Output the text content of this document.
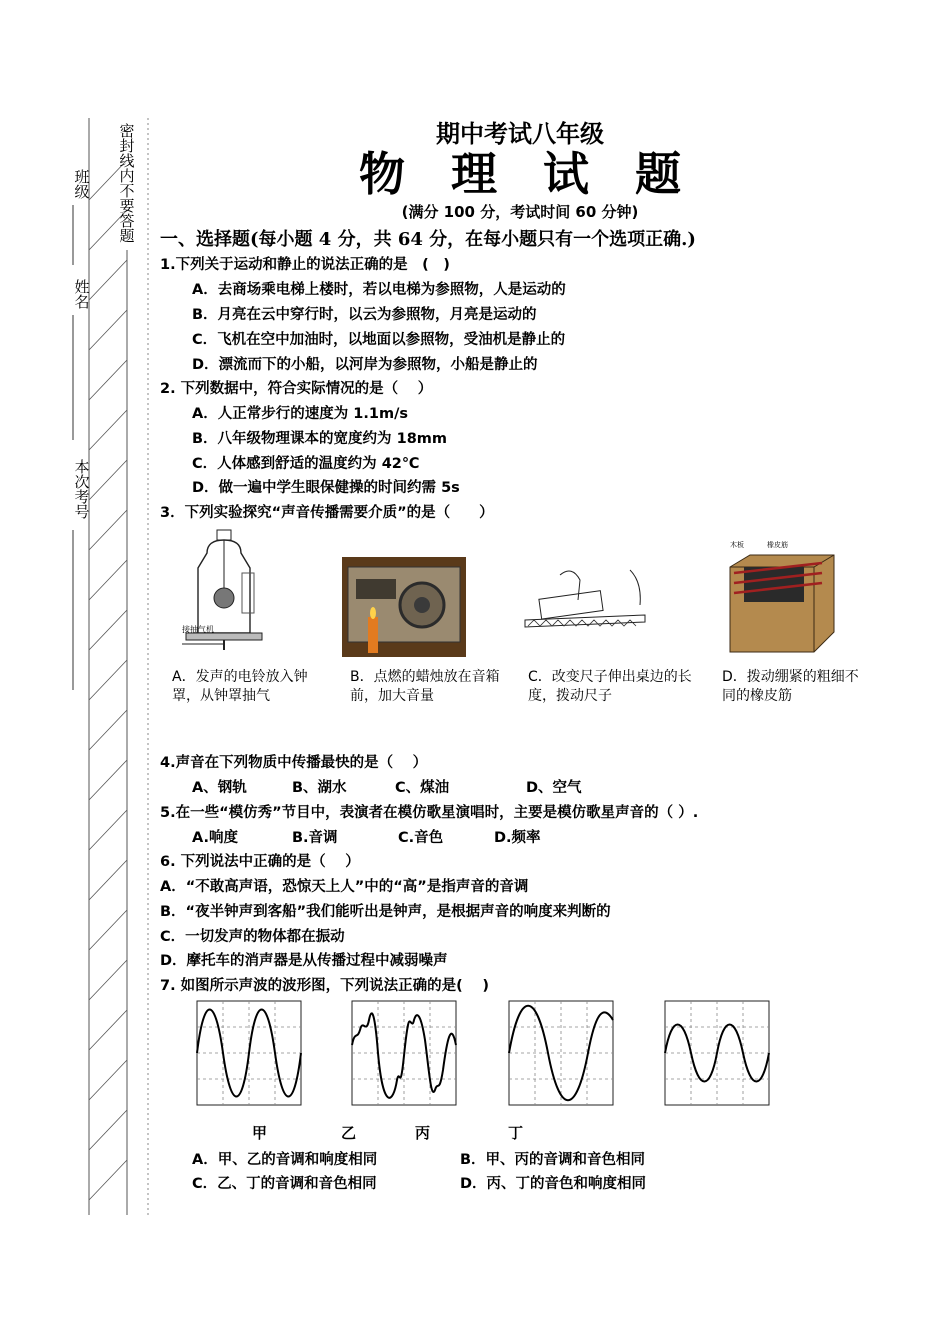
密封线内不要答题
班级
姓名
本次考号
期中考试八年级
物　理　试　题
(满分 100 分，考试时间 60 分钟)
一、选择题(每小题 4 分，共 64 分，在每小题只有一个选项正确.)
1.下列关于运动和静止的说法正确的是　(　)
A．去商场乘电梯上楼时，若以电梯为参照物，人是运动的
B．月亮在云中穿行时，以云为参照物，月亮是运动的
C．飞机在空中加油时，以地面以参照物，受油机是静止的
D．漂流而下的小船，以河岸为参照物，小船是静止的
2. 下列数据中，符合实际情况的是（　 ）
A．人正常步行的速度为 1.1m/s
B．八年级物理课本的宽度约为 18mm
C．人体感到舒适的温度约为 42℃
D．做一遍中学生眼保健操的时间约需 5s
3．下列实验探究“声音传播需要介质”的是（　　）
接抽气机
木板	橡皮筋
A．发声的电铃放入钟罩，从钟罩抽气
B．点燃的蜡烛放在音箱前，加大音量
C．改变尺子伸出桌边的长度，拨动尺子
D．拨动绷紧的粗细不同的橡皮筋
4.声音在下列物质中传播最快的是（　 ）
A、钢轨	B、湖水	C、煤油	D、空气
5.在一些“模仿秀”节目中，表演者在模仿歌星演唱时，主要是模仿歌星声音的（ ）.
A.响度	B.音调	C.音色	D.频率
6. 下列说法中正确的是（　 ）
A．“不敢高声语，恐惊天上人”中的“高”是指声音的音调
B．“夜半钟声到客船”我们能听出是钟声，是根据声音的响度来判断的
C．一切发声的物体都在振动
D．摩托车的消声器是从传播过程中减弱噪声
7. 如图所示声波的波形图，下列说法正确的是(　 )
甲	乙	丙	丁
A．甲、乙的音调和响度相同	B．甲、丙的音调和音色相同
C．乙、丁的音调和音色相同	D．丙、丁的音色和响度相同
